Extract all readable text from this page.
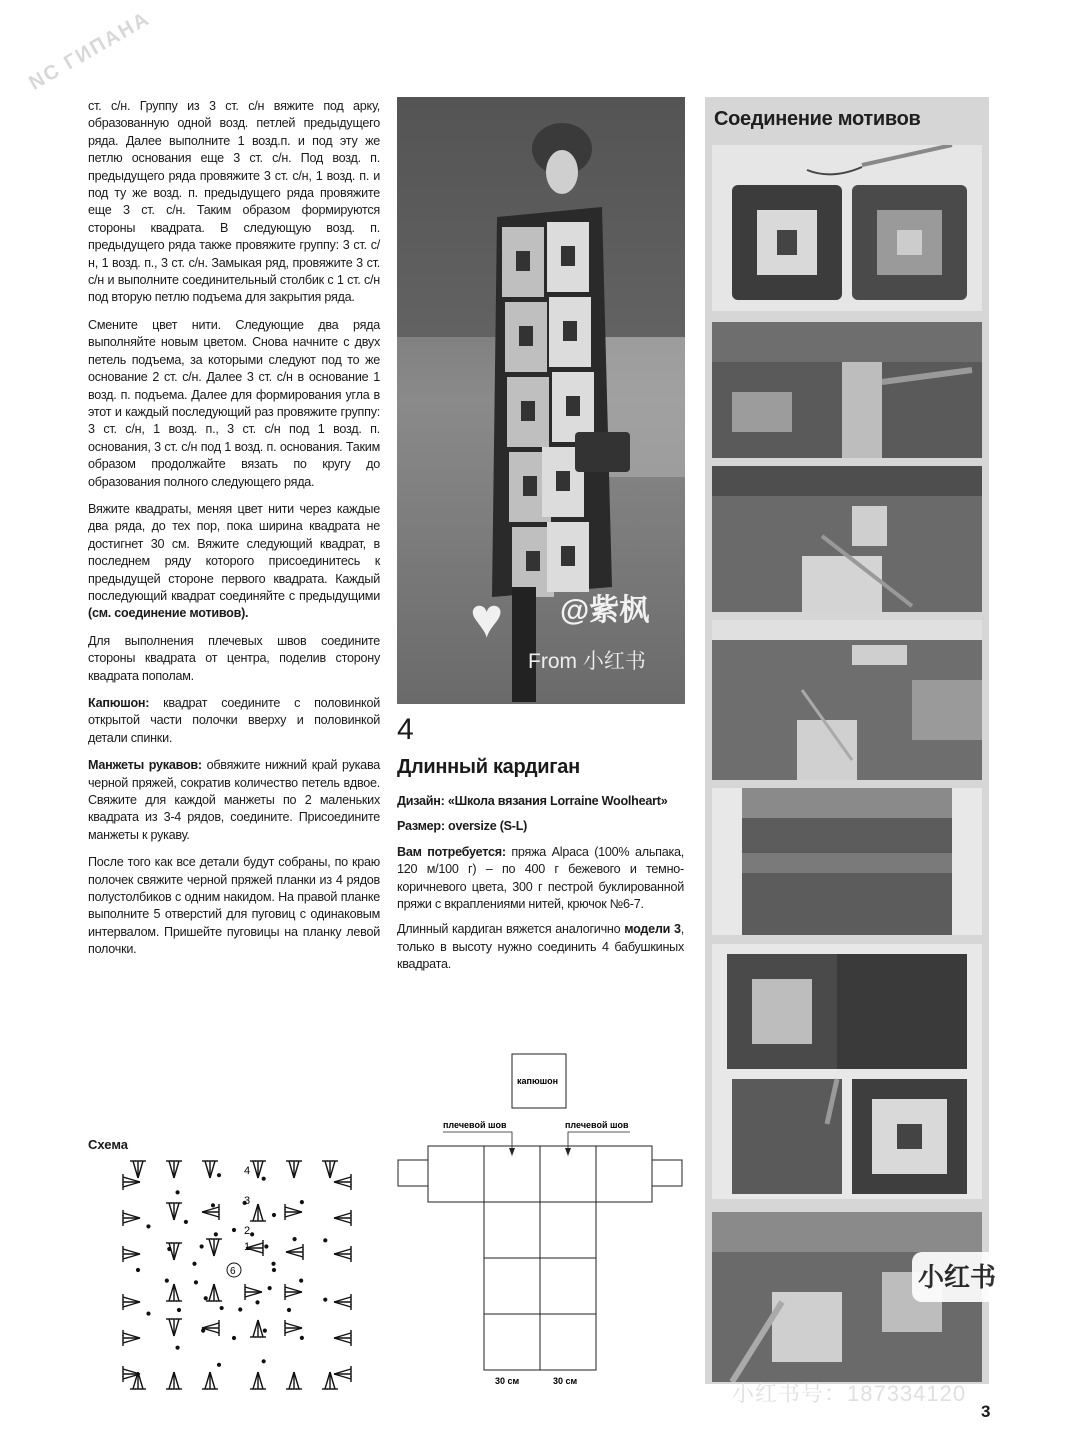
NC ГИПАНА

ст. с/н. Группу из 3 ст. с/н вяжите под арку, образованную одной возд. петлей предыдущего ряда. Далее выполните 1 возд.п. и под эту же петлю основания еще 3 ст. с/н. Под возд. п. предыдущего ряда провяжите 3 ст. с/н, 1 возд. п. и под ту же возд. п. предыдущего ряда провяжите еще 3 ст. с/н. Таким образом формируются стороны квадрата. В следующую возд. п. предыдущего ряда также провяжите группу: 3 ст. с/н, 1 возд. п., 3 ст. с/н. Замыкая ряд, провяжите 3 ст. с/н и выполните соединительный столбик с 1 ст. с/н под вторую петлю подъема для закрытия ряда.

Смените цвет нити. Следующие два ряда выполняйте новым цветом. Снова начните с двух петель подъема, за которыми следуют под то же основание 2 ст. с/н. Далее 3 ст. с/н в основание 1 возд. п. подъема. Далее для формирования угла в этот и каждый последующий раз провяжите группу: 3 ст. с/н, 1 возд. п., 3 ст. с/н под 1 возд. п. основания, 3 ст. с/н под 1 возд. п. основания. Таким образом продолжайте вязать по кругу до образования полного следующего ряда.

Вяжите квадраты, меняя цвет нити через каждые два ряда, до тех пор, пока ширина квадрата не достигнет 30 см. Вяжите следующий квадрат, в последнем ряду которого присоединитесь к предыдущей стороне первого квадрата. Каждый последующий квадрат соединяйте с предыдущими (см. соединение мотивов).

Для выполнения плечевых швов соедините стороны квадрата от центра, поделив сторону квадрата пополам.

Капюшон: квадрат соедините с половинкой открытой части полочки вверху и половинкой детали спинки.

Манжеты рукавов: обвяжите нижний край рукава черной пряжей, сократив количество петель вдвое. Свяжите для каждой манжеты по 2 маленьких квадрата из 3-4 рядов, соедините. Присоедините манжеты к рукаву.

После того как все детали будут собраны, по краю полочек свяжите черной пряжей планки из 4 рядов полустолбиков с одним накидом. На правой планке выполните 5 отверстий для пуговиц с одинаковым интервалом. Пришейте пуговицы на планку левой полочки.

Схема
4
3
2
1
6
♥ @紫枫
From 小红书
4
Длинный кардиган

Дизайн: «Школа вязания Lorraine Woolheart»

Размер: oversize (S-L)

Вам потребуется: пряжа Alpaca (100% альпака, 120 м/100 г) – по 400 г бежевого и темно-коричневого цвета, 300 г пестрой буклированной пряжи с вкраплениями нитей, крючок №6-7.

Длинный кардиган вяжется аналогично модели 3, только в высоту нужно соединить 4 бабушкиных квадрата.

капюшон
плечевой шов	плечевой шов
30 см	30 см
Соединение мотивов
小红书
小红书号：187334120
3
